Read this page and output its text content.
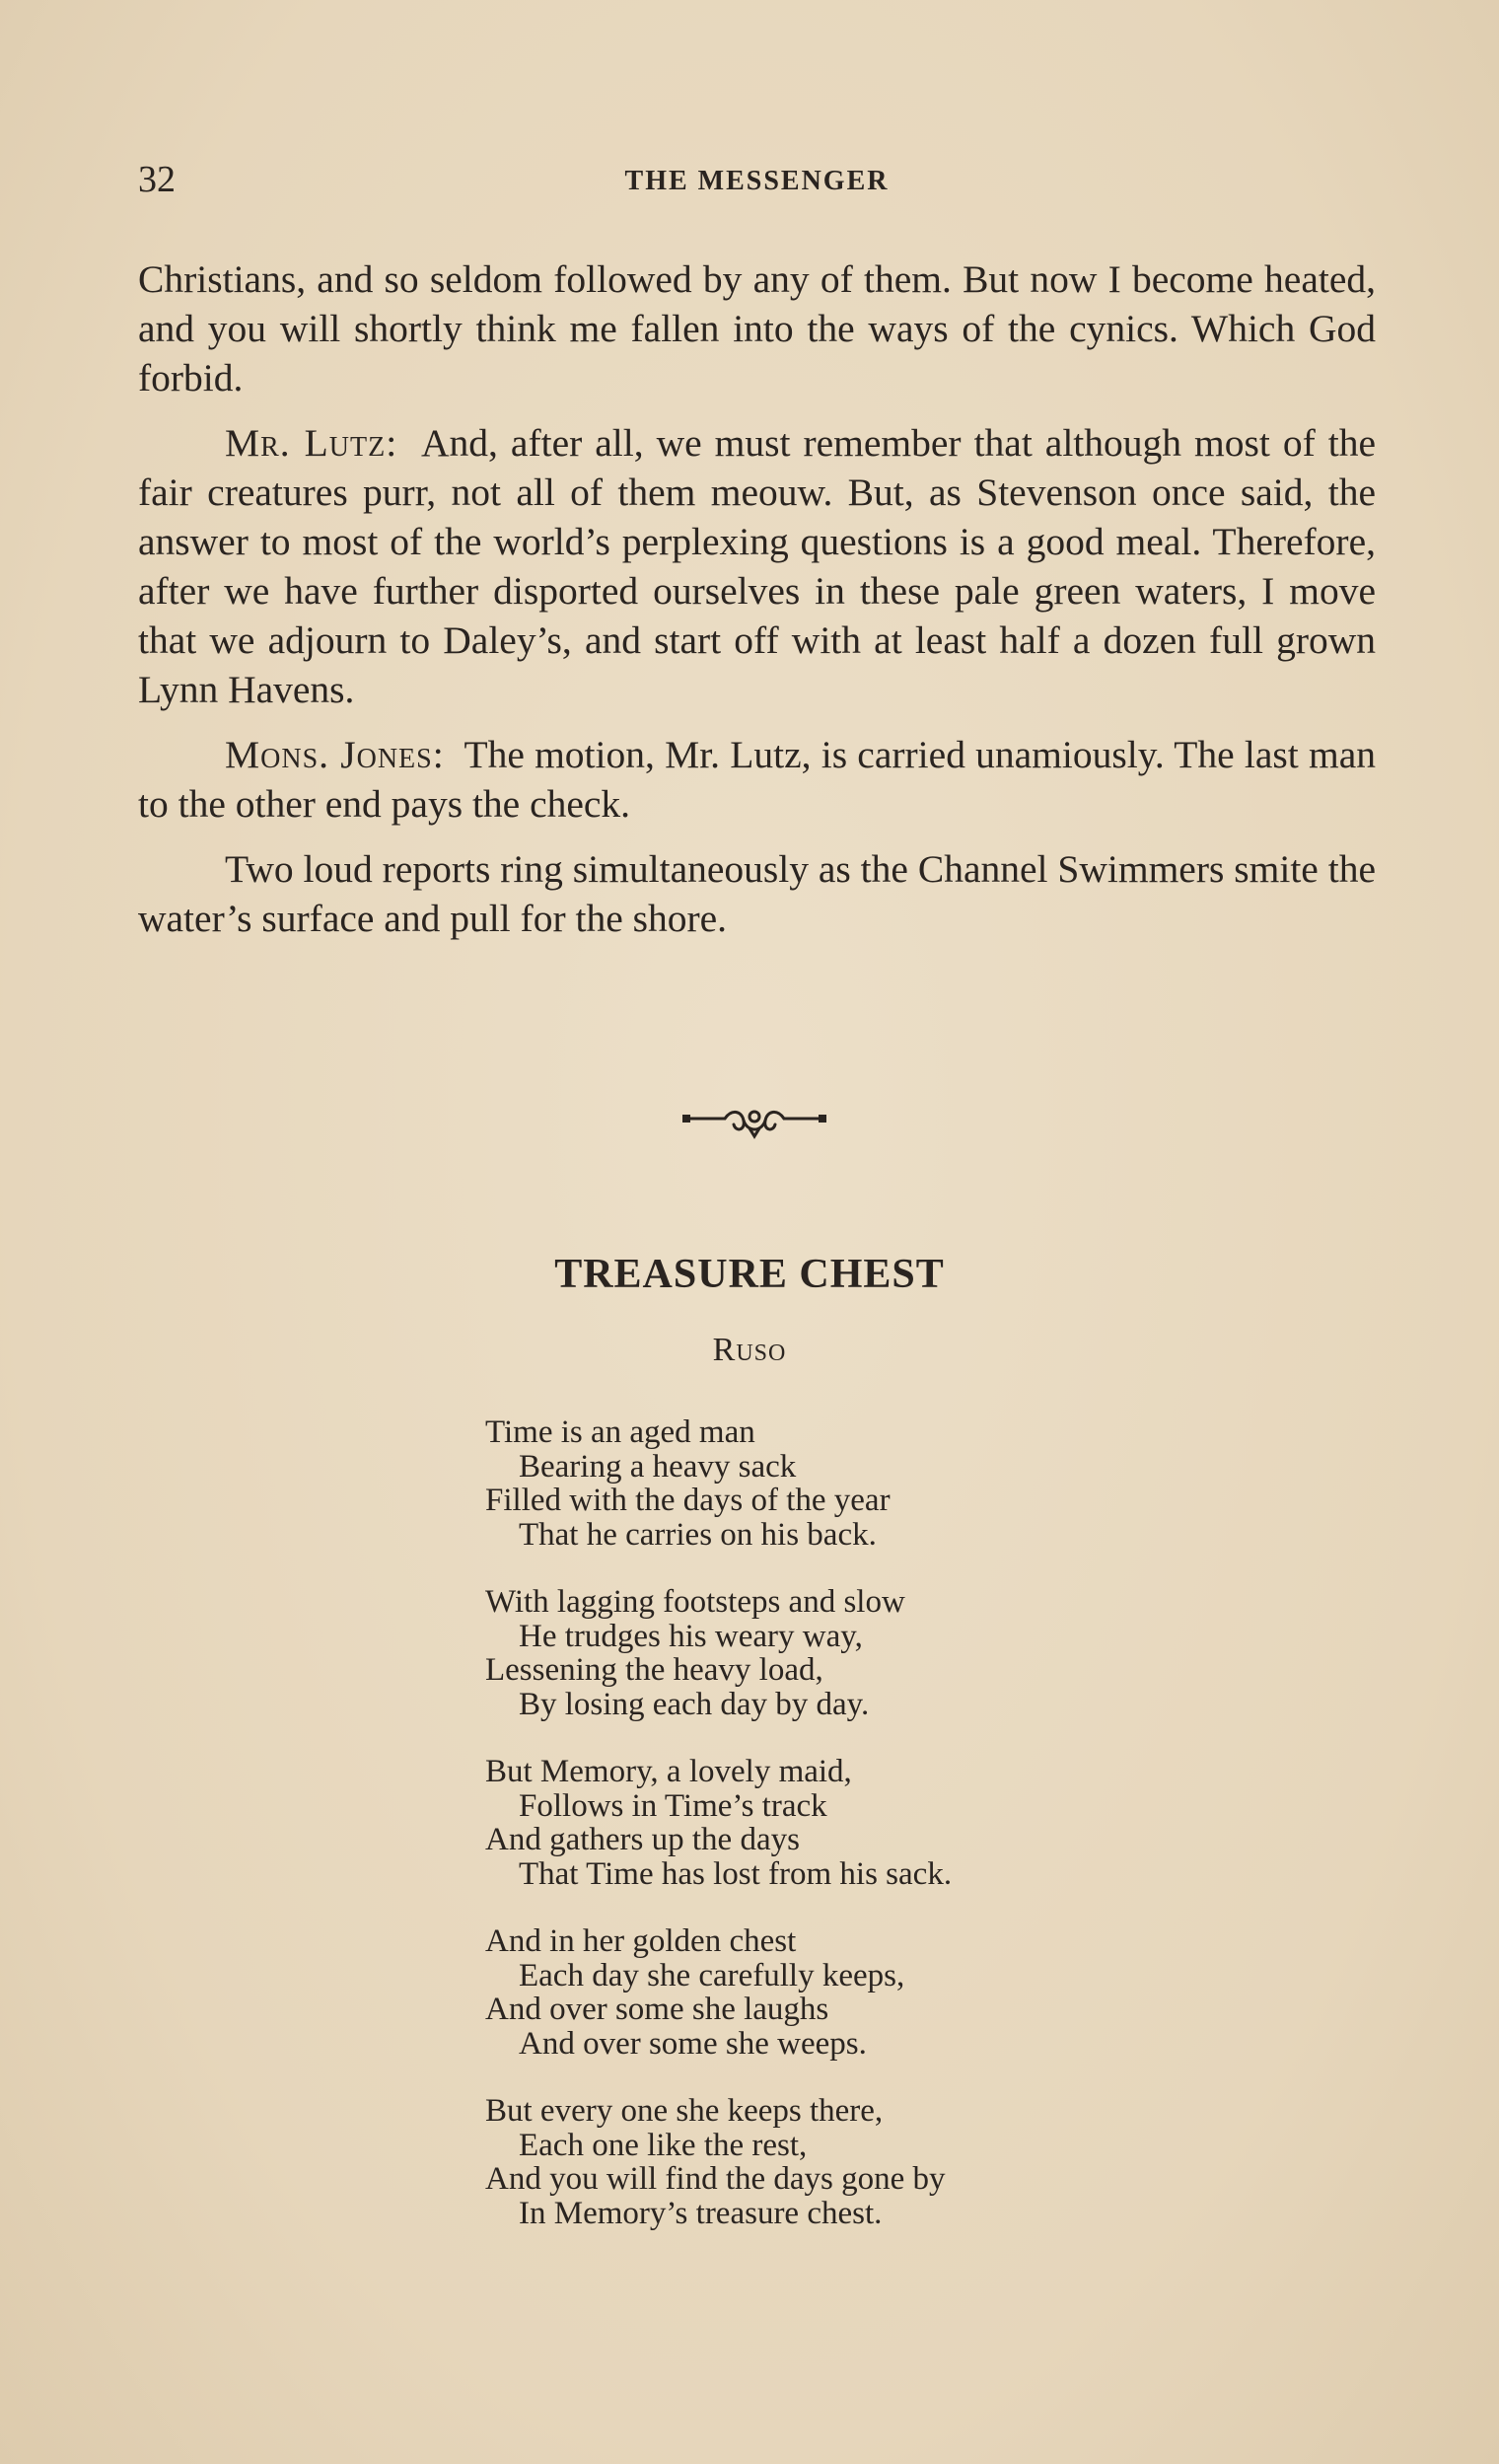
32	THE MESSENGER

Christians, and so seldom followed by any of them. But now I become heated, and you will shortly think me fallen into the ways of the cynics. Which God forbid.

Mr. Lutz: And, after all, we must remember that although most of the fair creatures purr, not all of them meouw. But, as Stevenson once said, the answer to most of the world’s perplexing questions is a good meal. Therefore, after we have further disported ourselves in these pale green waters, I move that we adjourn to Daley’s, and start off with at least half a dozen full grown Lynn Havens.

Mons. Jones: The motion, Mr. Lutz, is carried unamiously. The last man to the other end pays the check.

Two loud reports ring simultaneously as the Channel Swimmers smite the water’s surface and pull for the shore.

TREASURE CHEST
Ruso
Time is an aged man
Bearing a heavy sack
Filled with the days of the year
That he carries on his back.
With lagging footsteps and slow
He trudges his weary way,
Lessening the heavy load,
By losing each day by day.
But Memory, a lovely maid,
Follows in Time’s track
And gathers up the days
That Time has lost from his sack.
And in her golden chest
Each day she carefully keeps,
And over some she laughs
And over some she weeps.
But every one she keeps there,
Each one like the rest,
And you will find the days gone by
In Memory’s treasure chest.
